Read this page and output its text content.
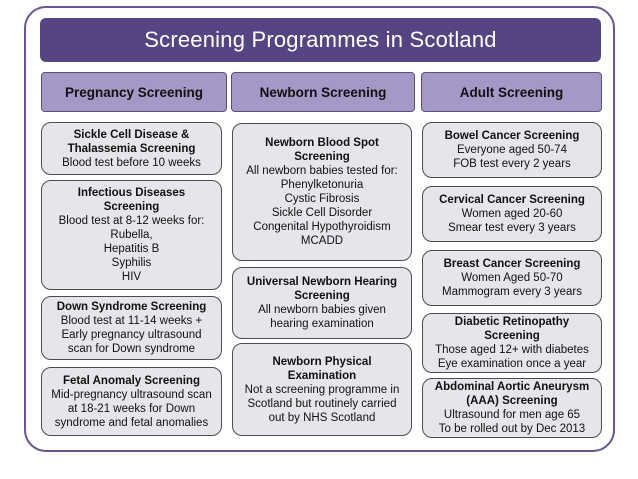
Screening Programmes in Scotland
Pregnancy Screening	Newborn Screening	Adult Screening
Sickle Cell Disease &
Thalassemia Screening
Blood test before 10 weeks
Infectious Diseases
Screening
Blood test at 8-12 weeks for:
Rubella,
Hepatitis B
Syphilis
HIV
Down Syndrome Screening
Blood test at 11-14 weeks +
Early pregnancy ultrasound
scan for Down syndrome
Fetal Anomaly Screening
Mid-pregnancy ultrasound scan
at 18-21 weeks for Down
syndrome and fetal anomalies
Newborn Blood Spot
Screening
All newborn babies tested for:
Phenylketonuria
Cystic Fibrosis
Sickle Cell Disorder
Congenital Hypothyroidism
MCADD
Universal Newborn Hearing
Screening
All newborn babies given
hearing examination
Newborn Physical
Examination
Not a screening programme in
Scotland but routinely carried
out by NHS Scotland
Bowel Cancer Screening
Everyone aged 50-74
FOB test every 2 years
Cervical Cancer Screening
Women aged 20-60
Smear test every 3 years
Breast Cancer Screening
Women Aged 50-70
Mammogram every 3 years
Diabetic Retinopathy
Screening
Those aged 12+ with diabetes
Eye examination once a year
Abdominal Aortic Aneurysm
(AAA) Screening
Ultrasound for men age 65
To be rolled out by Dec 2013
